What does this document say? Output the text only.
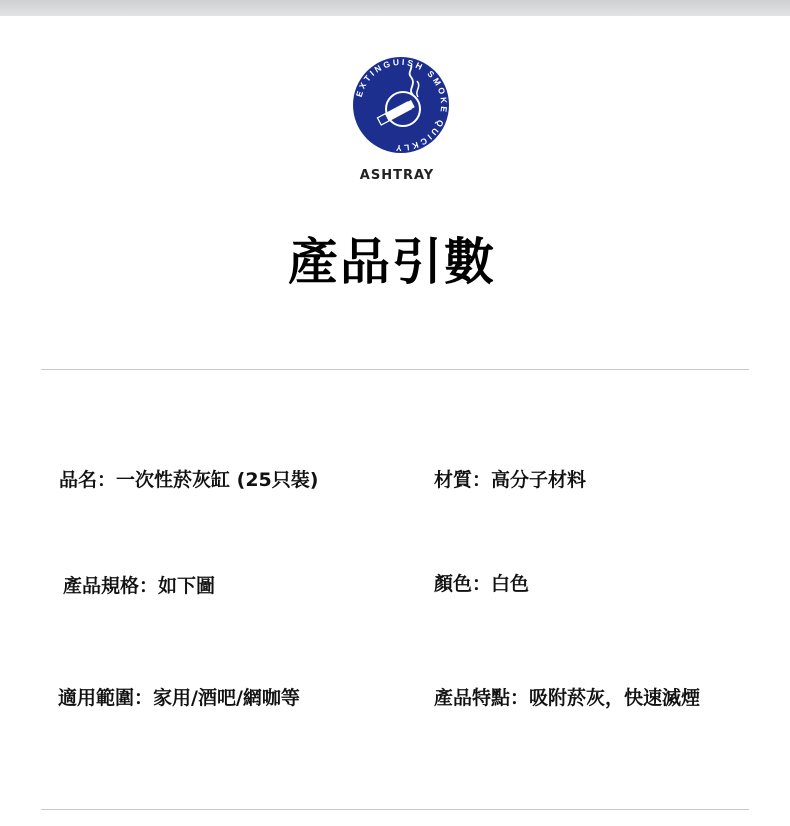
EXTINGUISH SMOKE QUICKLY
ASHTRAY
產品引數
品名：一次性菸灰缸 (25只裝)	材質：高分子材料
產品規格：如下圖	顏色：白色
適用範圍：家用/酒吧/網咖等	產品特點：吸附菸灰，快速滅煙
